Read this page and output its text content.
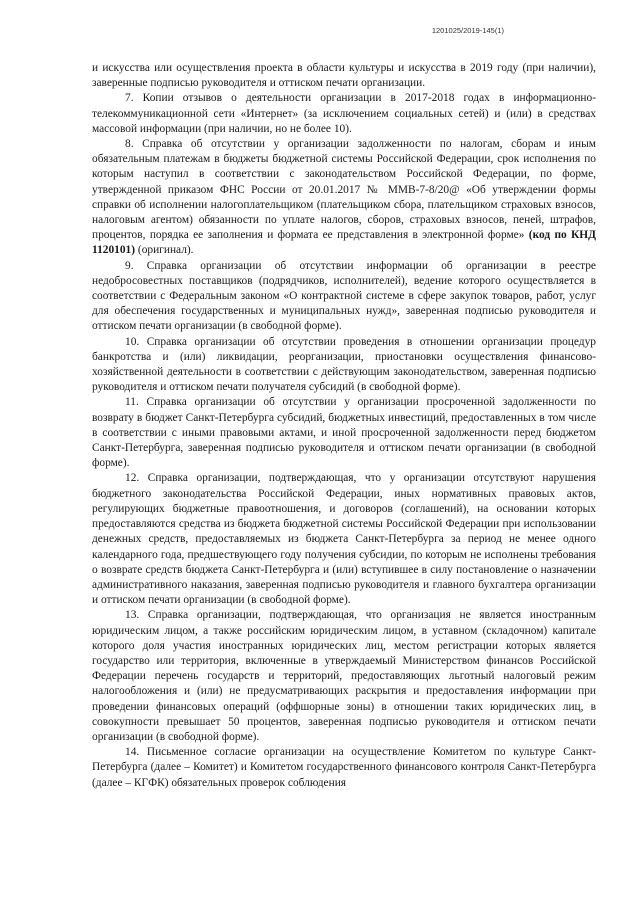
1201025/2019-145(1)

и искусства или осуществления проекта в области культуры и искусства в 2019 году (при наличии), заверенные подписью руководителя и оттиском печати организации.

7. Копии отзывов о деятельности организации в 2017-2018 годах в информационно-телекоммуникационной сети «Интернет» (за исключением социальных сетей) и (или) в средствах массовой информации (при наличии, но не более 10).

8. Справка об отсутствии у организации задолженности по налогам, сборам и иным обязательным платежам в бюджеты бюджетной системы Российской Федерации, срок исполнения по которым наступил в соответствии с законодательством Российской Федерации, по форме, утвержденной приказом ФНС России от 20.01.2017 № ММВ-7-8/20@ «Об утверждении формы справки об исполнении налогоплательщиком (плательщиком сбора, плательщиком страховых взносов, налоговым агентом) обязанности по уплате налогов, сборов, страховых взносов, пеней, штрафов, процентов, порядка ее заполнения и формата ее представления в электронной форме» (код по КНД 1120101) (оригинал).

9. Справка организации об отсутствии информации об организации в реестре недобросовестных поставщиков (подрядчиков, исполнителей), ведение которого осуществляется в соответствии с Федеральным законом «О контрактной системе в сфере закупок товаров, работ, услуг для обеспечения государственных и муниципальных нужд», заверенная подписью руководителя и оттиском печати организации (в свободной форме).

10. Справка организации об отсутствии проведения в отношении организации процедур банкротства и (или) ликвидации, реорганизации, приостановки осуществления финансово-хозяйственной деятельности в соответствии с действующим законодательством, заверенная подписью руководителя и оттиском печати получателя субсидий (в свободной форме).

11. Справка организации об отсутствии у организации просроченной задолженности по возврату в бюджет Санкт-Петербурга субсидий, бюджетных инвестиций, предоставленных в том числе в соответствии с иными правовыми актами, и иной просроченной задолженности перед бюджетом Санкт-Петербурга, заверенная подписью руководителя и оттиском печати организации (в свободной форме).

12. Справка организации, подтверждающая, что у организации отсутствуют нарушения бюджетного законодательства Российской Федерации, иных нормативных правовых актов, регулирующих бюджетные правоотношения, и договоров (соглашений), на основании которых предоставляются средства из бюджета бюджетной системы Российской Федерации при использовании денежных средств, предоставляемых из бюджета Санкт-Петербурга за период не менее одного календарного года, предшествующего году получения субсидии, по которым не исполнены требования о возврате средств бюджета Санкт-Петербурга и (или) вступившее в силу постановление о назначении административного наказания, заверенная подписью руководителя и главного бухгалтера организации и оттиском печати организации (в свободной форме).

13. Справка организации, подтверждающая, что организация не является иностранным юридическим лицом, а также российским юридическим лицом, в уставном (складочном) капитале которого доля участия иностранных юридических лиц, местом регистрации которых является государство или территория, включенные в утверждаемый Министерством финансов Российской Федерации перечень государств и территорий, предоставляющих льготный налоговый режим налогообложения и (или) не предусматривающих раскрытия и предоставления информации при проведении финансовых операций (оффшорные зоны) в отношении таких юридических лиц, в совокупности превышает 50 процентов, заверенная подписью руководителя и оттиском печати организации (в свободной форме).

14. Письменное согласие организации на осуществление Комитетом по культуре Санкт-Петербурга (далее – Комитет) и Комитетом государственного финансового контроля Санкт-Петербурга (далее – КГФК) обязательных проверок соблюдения
